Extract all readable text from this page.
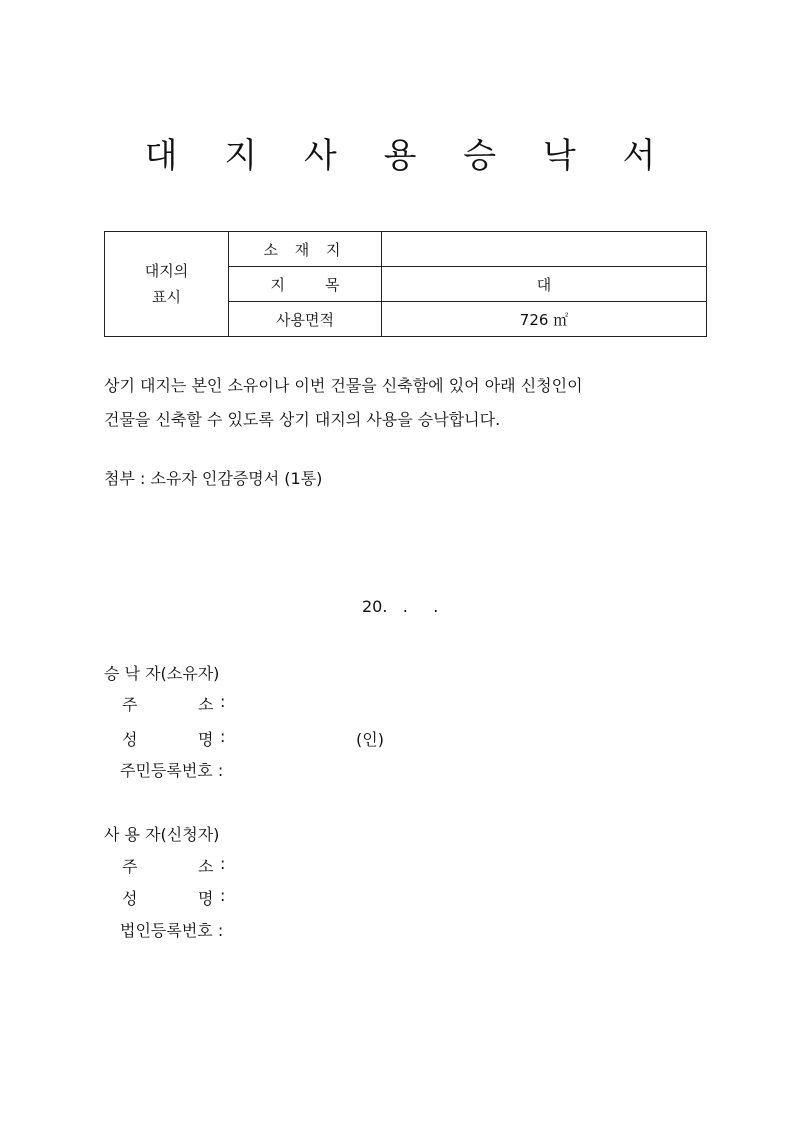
대 지 사 용 승 낙 서
대지의
표시	소 재 지	
	지목	대
	사용면적	726 ㎡
상기 대지는 본인 소유이나 이번 건물을 신축함에 있어 아래 신청인이
건물을 신축할 수 있도록 상기 대지의 사용을 승낙합니다.
첨부 : 소유자 인감증명서 (1통)
20.   .     .
승 낙 자(소유자)
주	소 :
성	명 :	(인)
주민등록번호 :
사 용 자(신청자)
주	소 :
성	명 :
법인등록번호 :
